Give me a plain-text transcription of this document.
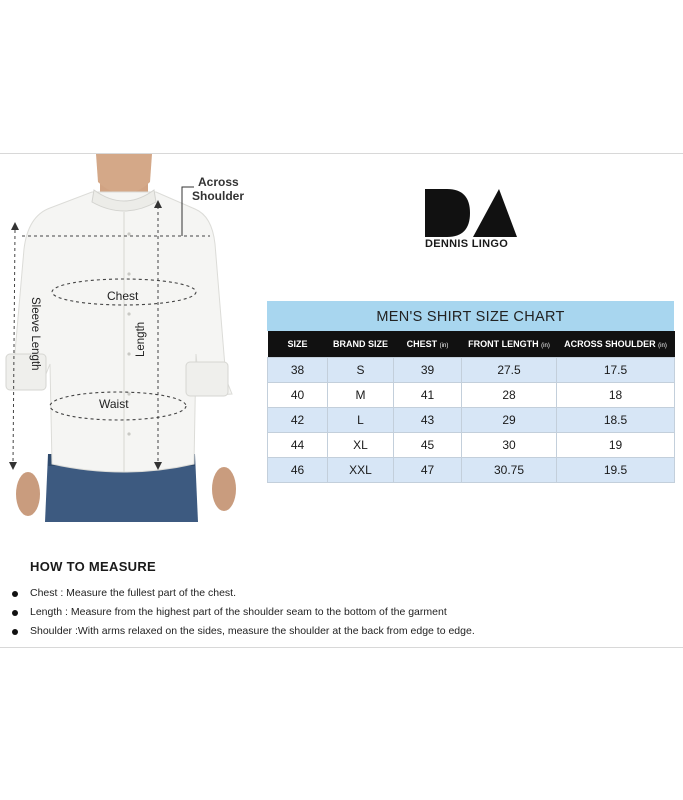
Across
Shoulder
Chest
Waist
Length
Sleeve Length
DENNIS LINGO
MEN'S SHIRT SIZE CHART
SIZE	BRAND SIZE	CHEST (in)	FRONT LENGTH (in)	ACROSS SHOULDER (in)
38	S	39	27.5	17.5
40	M	41	28	18
42	L	43	29	18.5
44	XL	45	30	19
46	XXL	47	30.75	19.5
HOW TO MEASURE
Chest : Measure the fullest part of the chest.
Length : Measure from the highest part of the shoulder seam to the bottom of the garment
Shoulder :With arms relaxed on the sides, measure the shoulder at the back from edge to edge.
